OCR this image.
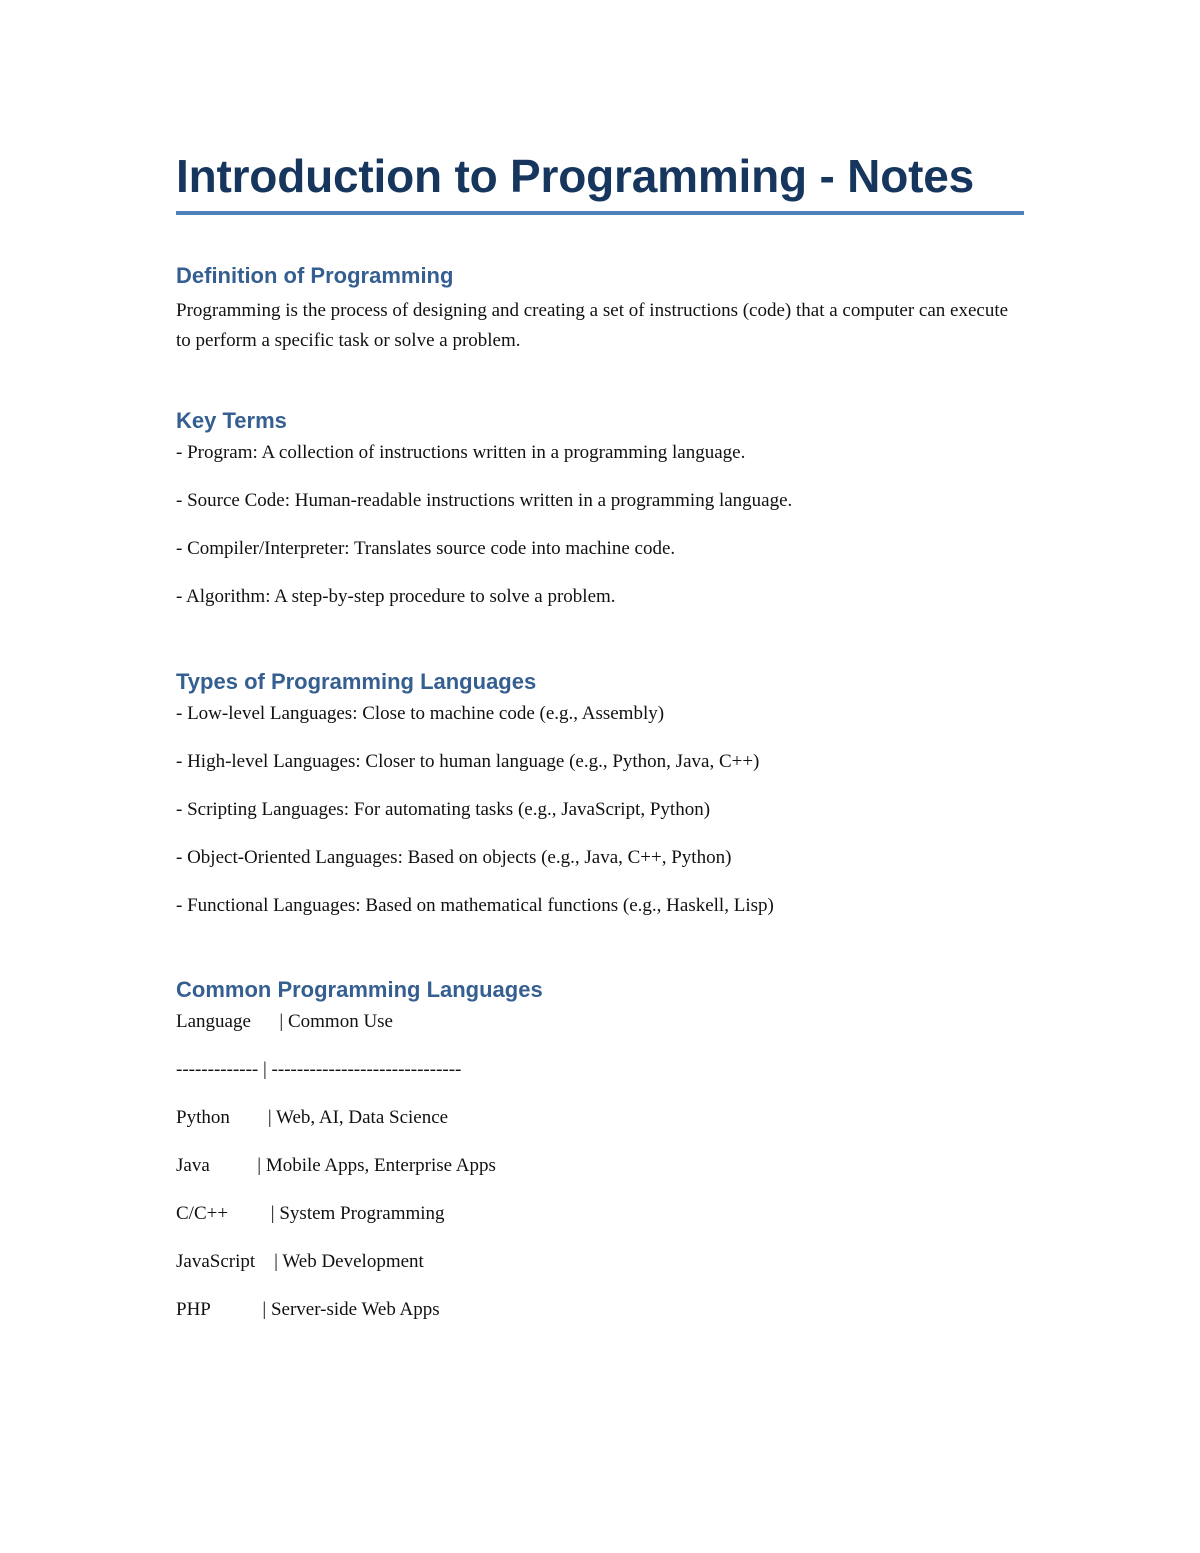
Introduction to Programming - Notes
Definition of Programming

Programming is the process of designing and creating a set of instructions (code) that a computer can execute to perform a specific task or solve a problem.

Key Terms

- Program: A collection of instructions written in a programming language.

- Source Code: Human-readable instructions written in a programming language.

- Compiler/Interpreter: Translates source code into machine code.

- Algorithm: A step-by-step procedure to solve a problem.

Types of Programming Languages

- Low-level Languages: Close to machine code (e.g., Assembly)

- High-level Languages: Closer to human language (e.g., Python, Java, C++)

- Scripting Languages: For automating tasks (e.g., JavaScript, Python)

- Object-Oriented Languages: Based on objects (e.g., Java, C++, Python)

- Functional Languages: Based on mathematical functions (e.g., Haskell, Lisp)

Common Programming Languages

Language      | Common Use

------------- | ------------------------------

Python        | Web, AI, Data Science

Java          | Mobile Apps, Enterprise Apps

C/C++         | System Programming

JavaScript    | Web Development

PHP           | Server-side Web Apps
